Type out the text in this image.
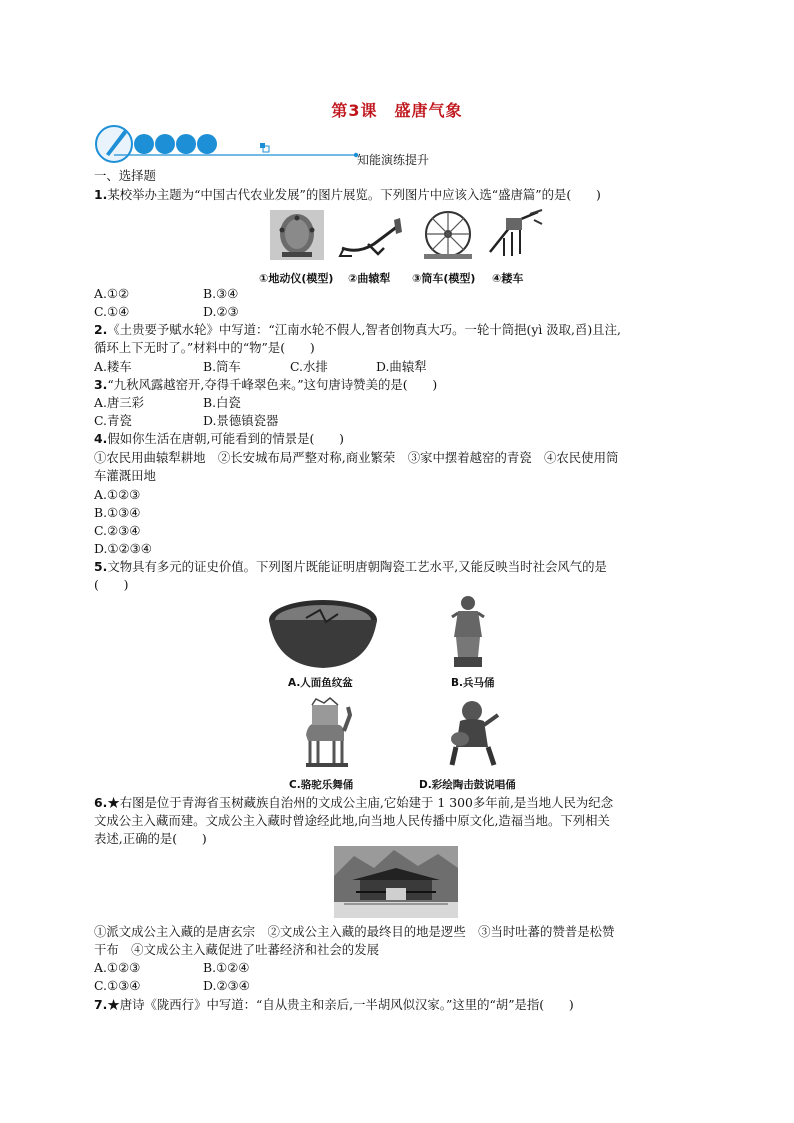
第3课　盛唐气象
知能演练提升
一、选择题
1.某校举办主题为“中国古代农业发展”的图片展览。下列图片中应该入选“盛唐篇”的是(　　)
①地动仪(模型) ②曲辕犁 ③筒车(模型) ④耧车
A.①②	B.③④
C.①④	D.②③
2.《土贵要予赋水轮》中写道：“江南水轮不假人,智者创物真大巧。一轮十筒挹(yì 汲取,舀)且注,
循环上下无时了。”材料中的“物”是(　　)
A.耧车	B.筒车	C.水排	D.曲辕犁
3.“九秋风露越窑开,夺得千峰翠色来。”这句唐诗赞美的是(　　)
A.唐三彩	B.白瓷
C.青瓷	D.景德镇瓷器
4.假如你生活在唐朝,可能看到的情景是(　　)
①农民用曲辕犁耕地　②长安城布局严整对称,商业繁荣　③家中摆着越窑的青瓷　④农民使用筒
车灌溉田地
A.①②③
B.①③④
C.②③④
D.①②③④
5.文物具有多元的证史价值。下列图片既能证明唐朝陶瓷工艺水平,又能反映当时社会风气的是
(　　)
A.人面鱼纹盆	B.兵马俑
C.骆驼乐舞俑	D.彩绘陶击鼓说唱俑
6.★右图是位于青海省玉树藏族自治州的文成公主庙,它始建于 1 300多年前,是当地人民为纪念
文成公主入藏而建。文成公主入藏时曾途经此地,向当地人民传播中原文化,造福当地。下列相关
表述,正确的是(　　)
①派文成公主入藏的是唐玄宗　②文成公主入藏的最终目的地是逻些　③当时吐蕃的赞普是松赞
干布　④文成公主入藏促进了吐蕃经济和社会的发展
A.①②③	B.①②④
C.①③④	D.②③④
7.★唐诗《陇西行》中写道：“自从贵主和亲后,一半胡风似汉家。”这里的“胡”是指(　　)
